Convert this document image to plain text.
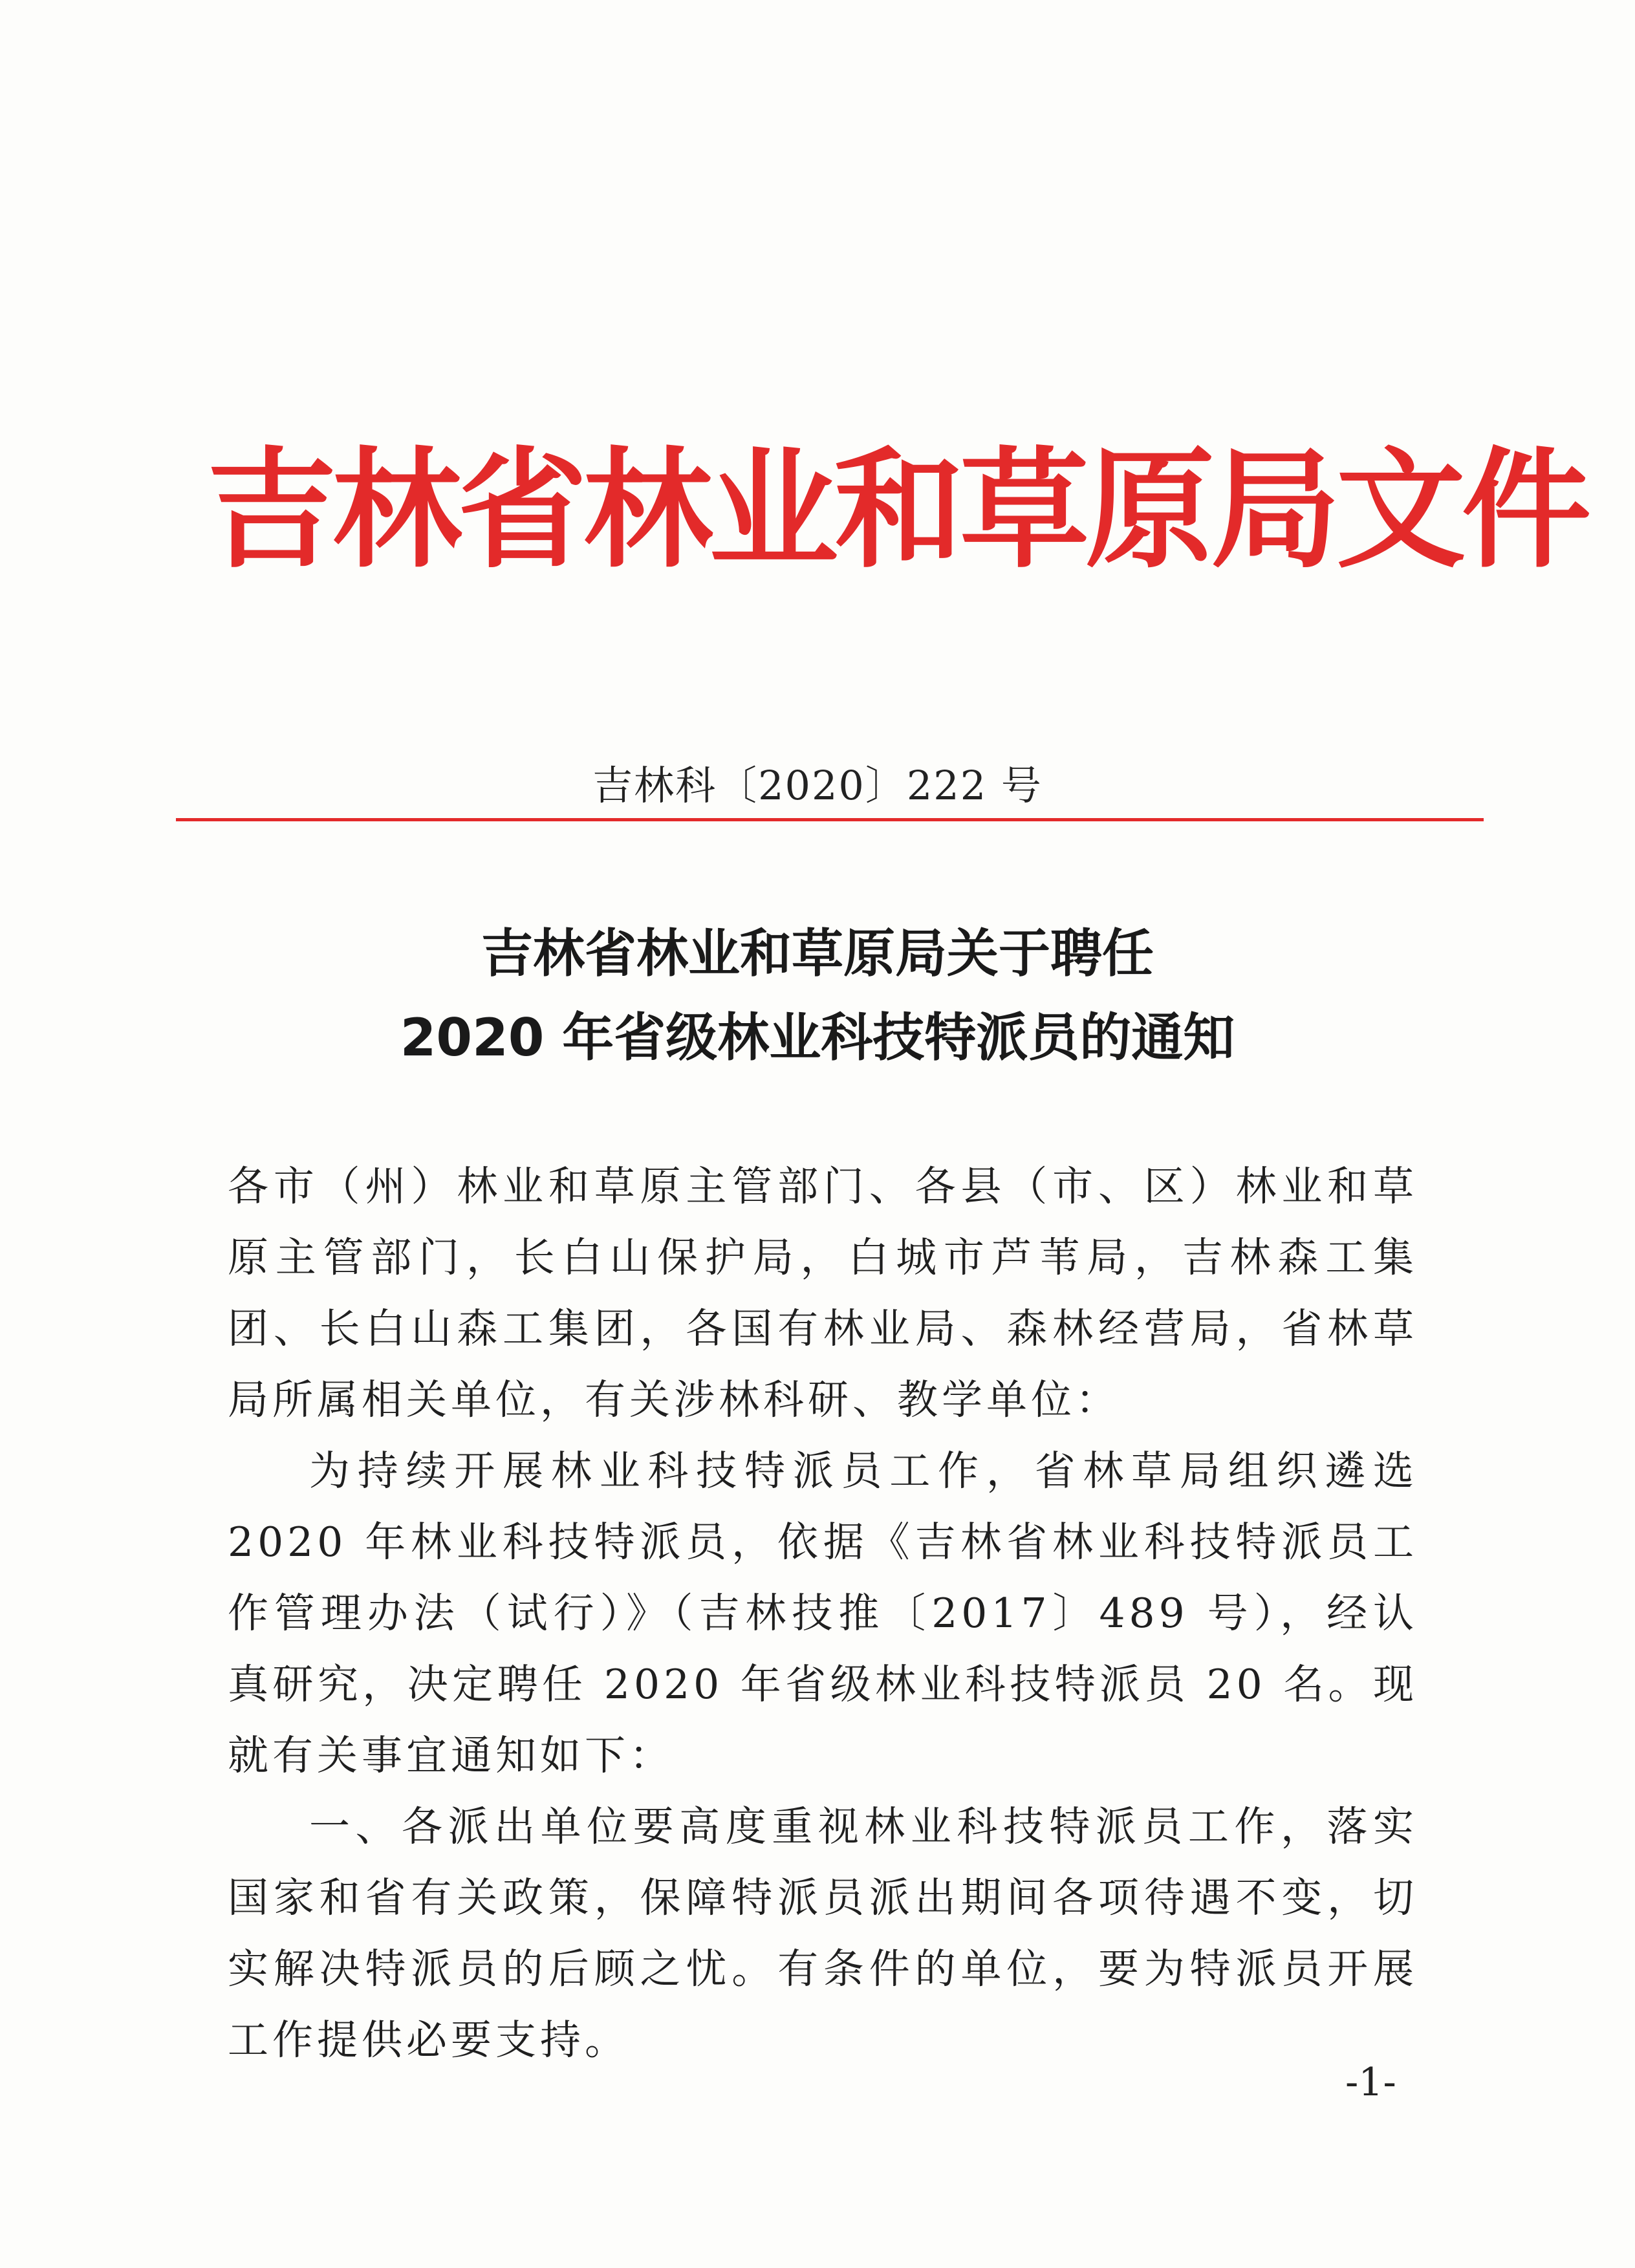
吉林省林业和草原局文件
吉林科〔2020〕222 号
吉林省林业和草原局关于聘任
2020 年省级林业科技特派员的通知

各市（州）林业和草原主管部门、各县（市、区）林业和草原主管部门，长白山保护局，白城市芦苇局，吉林森工集团、长白山森工集团，各国有林业局、森林经营局，省林草局所属相关单位，有关涉林科研、教学单位：

为持续开展林业科技特派员工作，省林草局组织遴选 2020 年林业科技特派员，依据《吉林省林业科技特派员工作管理办法（试行）》（吉林技推〔2017〕489 号），经认真研究，决定聘任 2020 年省级林业科技特派员 20 名。现就有关事宜通知如下：

一、各派出单位要高度重视林业科技特派员工作，落实国家和省有关政策，保障特派员派出期间各项待遇不变，切实解决特派员的后顾之忧。有条件的单位，要为特派员开展工作提供必要支持。

-1-
